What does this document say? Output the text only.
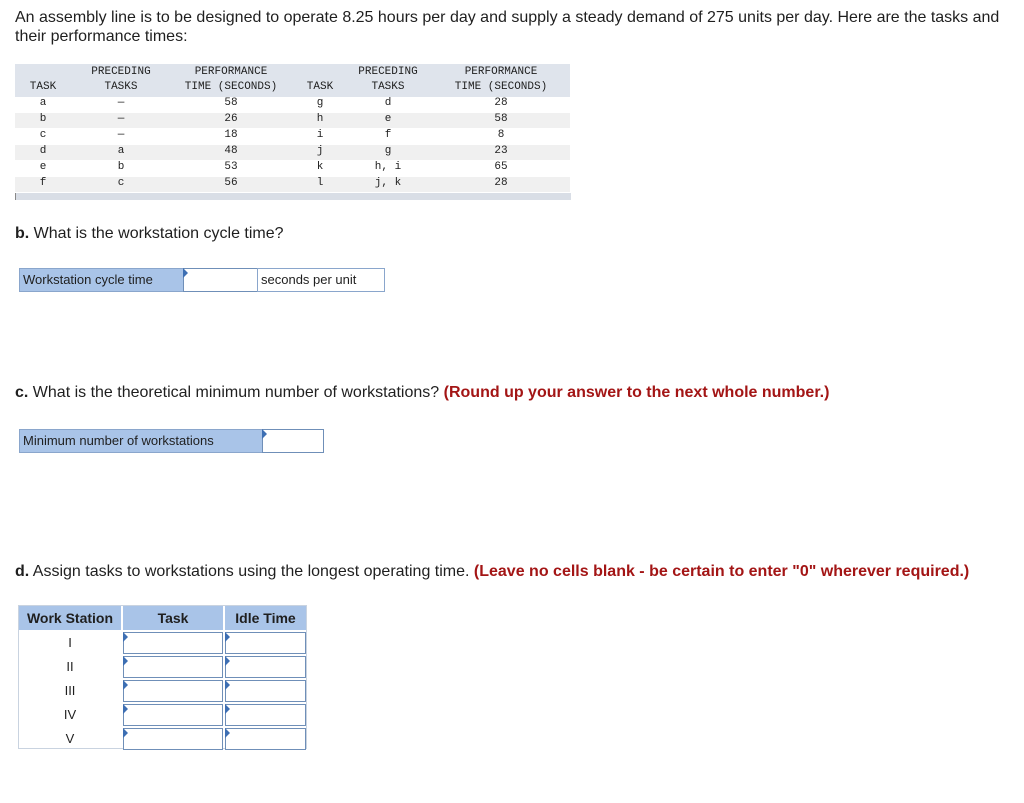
An assembly line is to be designed to operate 8.25 hours per day and supply a steady demand of 275 units per day. Here are the tasks and their performance times:
PRECEDING	PERFORMANCE	PRECEDING	PERFORMANCE
TASK	TASKS	TIME (SECONDS)	TASK	TASKS	TIME (SECONDS)
a	—	58	g	d	28
b	—	26	h	e	58
c	—	18	i	f	8
d	a	48	j	g	23
e	b	53	k	h, i	65
f	c	56	l	j, k	28
b. What is the workstation cycle time?
Workstation cycle time	seconds per unit
c. What is the theoretical minimum number of workstations? (Round up your answer to the next whole number.)
Minimum number of workstations
d. Assign tasks to workstations using the longest operating time. (Leave no cells blank - be certain to enter "0" wherever required.)
Work Station	Task	Idle Time
I
II
III
IV
V
